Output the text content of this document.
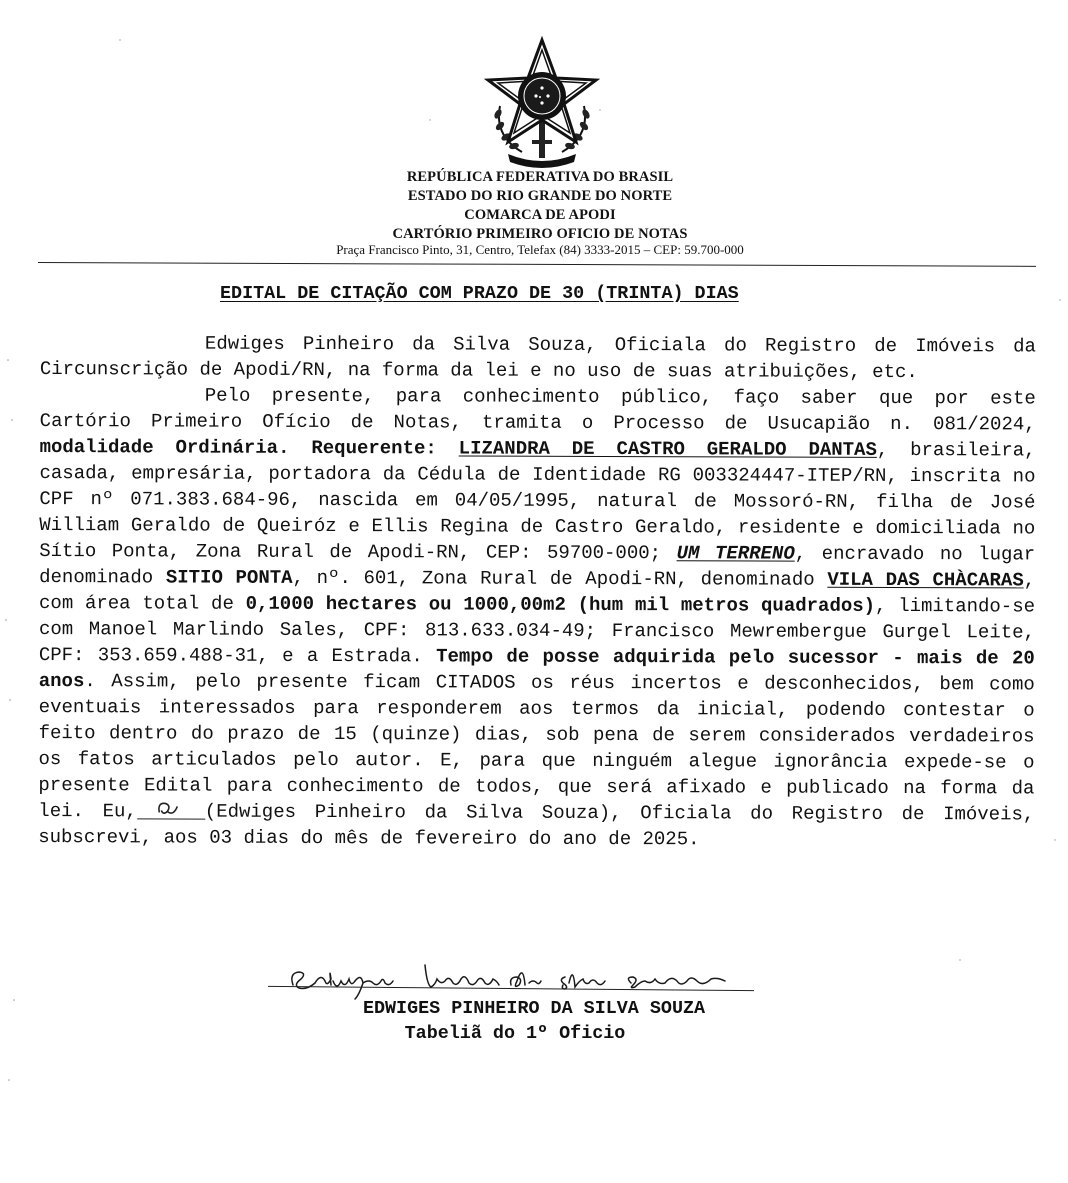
REPÚBLICA FEDERATIVA DO BRASIL
ESTADO DO RIO GRANDE DO NORTE
COMARCA DE APODI
CARTÓRIO PRIMEIRO OFICIO DE NOTAS
Praça Francisco Pinto, 31, Centro, Telefax (84) 3333-2015 – CEP: 59.700-000
EDITAL DE CITAÇÃO COM PRAZO DE 30 (TRINTA) DIAS

Edwiges Pinheiro da Silva Souza, Oficiala do Registro de Imóveis da Circunscrição de Apodi/RN, na forma da lei e no uso de suas atribuições, etc.

Pelo presente, para conhecimento público, faço saber que por este Cartório Primeiro Ofício de Notas, tramita o Processo de Usucapião n. 081/2024, modalidade Ordinária. Requerente: LIZANDRA DE CASTRO GERALDO DANTAS, brasileira, casada, empresária, portadora da Cédula de Identidade RG 003324447-ITEP/RN, inscrita no CPF nº 071.383.684-96, nascida em 04/05/1995, natural de Mossoró-RN, filha de José William Geraldo de Queiróz e Ellis Regina de Castro Geraldo, residente e domiciliada no Sítio Ponta, Zona Rural de Apodi-RN, CEP: 59700-000; UM TERRENO, encravado no lugar denominado SITIO PONTA, nº. 601, Zona Rural de Apodi-RN, denominado VILA DAS CHÀCARAS, com área total de 0,1000 hectares ou 1000,00m2 (hum mil metros quadrados), limitando-se com Manoel Marlindo Sales, CPF: 813.633.034-49; Francisco Mewrembergue Gurgel Leite, CPF: 353.659.488-31, e a Estrada. Tempo de posse adquirida pelo sucessor - mais de 20 anos. Assim, pelo presente ficam CITADOS os réus incertos e desconhecidos, bem como eventuais interessados para responderem aos termos da inicial, podendo contestar o feito dentro do prazo de 15 (quinze) dias, sob pena de serem considerados verdadeiros os fatos articulados pelo autor. E, para que ninguém alegue ignorância expede-se o presente Edital para conhecimento de todos, que será afixado e publicado na forma da lei. Eu,	(Edwiges Pinheiro da Silva Souza), Oficiala do Registro de Imóveis, subscrevi, aos 03 dias do mês de fevereiro do ano de 2025.

EDWIGES PINHEIRO DA SILVA SOUZA
Tabeliã do 1º Oficio
